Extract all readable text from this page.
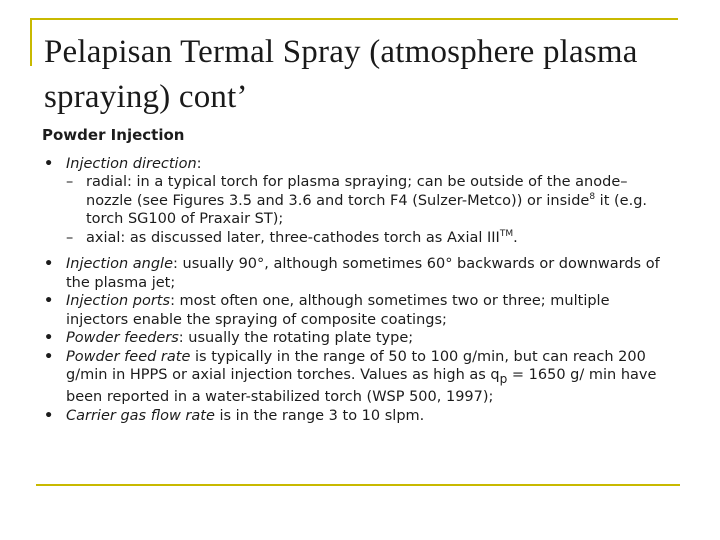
Pelapisan Termal Spray (atmosphere plasma spraying) cont’
Powder Injection
• Injection direction:
– radial: in a typical torch for plasma spraying; can be outside of the anode–nozzle (see Figures 3.5 and 3.6 and torch F4 (Sulzer-Metco)) or inside$^8$ it (e.g. torch SG100 of Praxair ST);
– axial: as discussed later, three-cathodes torch as Axial III™.
• Injection angle: usually 90°, although sometimes 60° backwards or downwards of the plasma jet;
• Injection ports: most often one, although sometimes two or three; multiple injectors enable the spraying of composite coatings;
• Powder feeders: usually the rotating plate type;
• Powder feed rate is typically in the range of 50 to 100 g/min, but can reach 200 g/min in HPPS or axial injection torches. Values as high as $q_p = 1650$ g/ min have been reported in a water-stabilized torch (WSP 500, 1997);
• Carrier gas flow rate is in the range 3 to 10 slpm.
